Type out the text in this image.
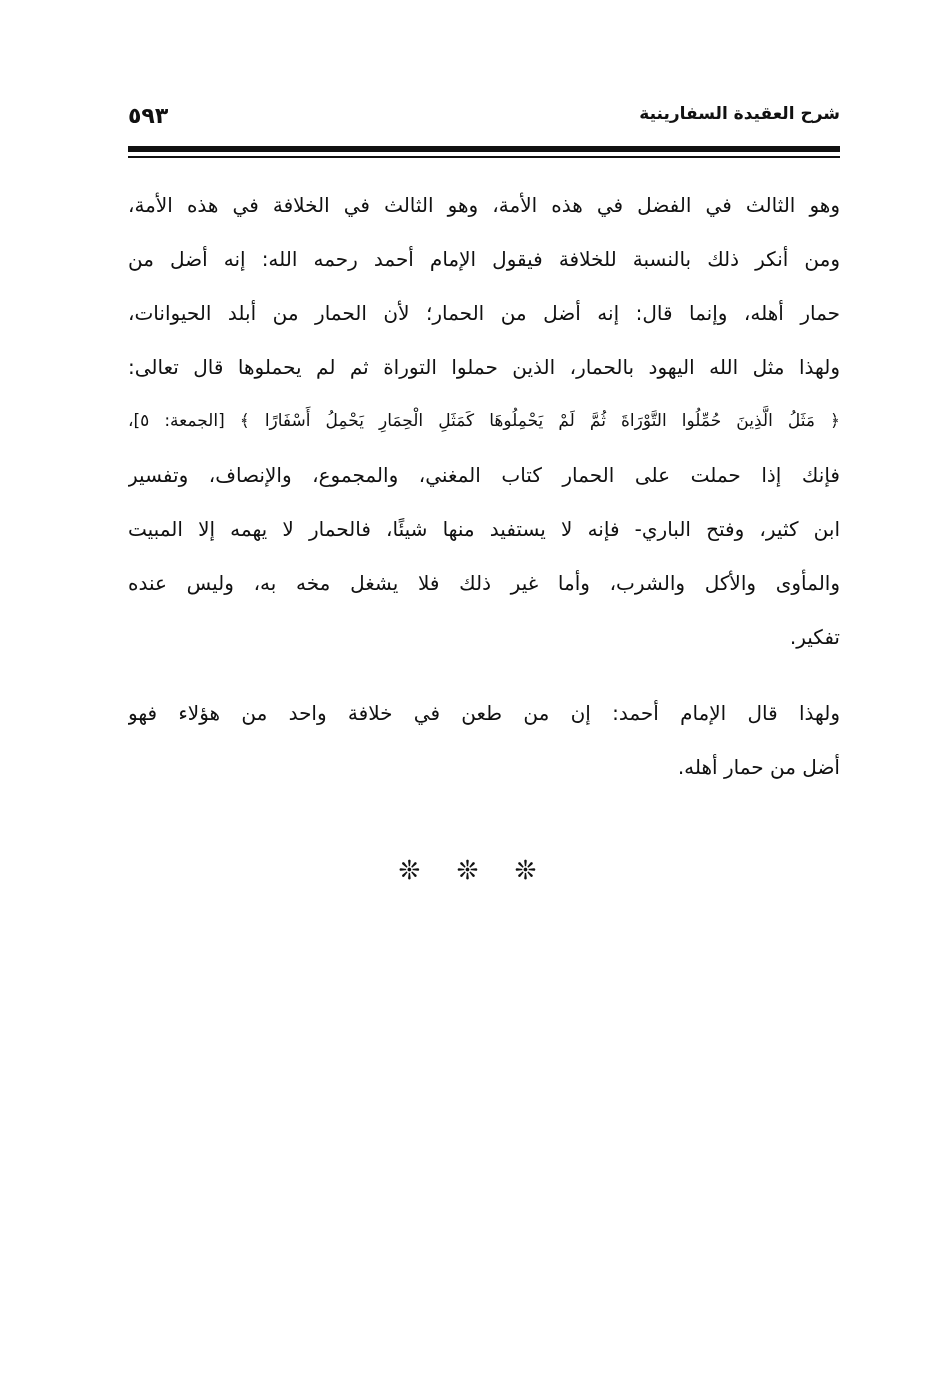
شرح العقيدة السفارينية
٥٩٣
وهو الثالث في الفضل في هذه الأمة، وهو الثالث في الخلافة في هذه الأمة،
ومن أنكر ذلك بالنسبة للخلافة فيقول الإمام أحمد رحمه الله: إنه أضل من
حمار أهله، وإنما قال: إنه أضل من الحمار؛ لأن الحمار من أبلد الحيوانات،
ولهذا مثل الله اليهود بالحمار، الذين حملوا التوراة ثم لم يحملوها قال تعالى:
﴿ مَثَلُ الَّذِينَ حُمِّلُوا التَّوْرَاةَ ثُمَّ لَمْ يَحْمِلُوهَا كَمَثَلِ الْحِمَارِ يَحْمِلُ أَسْفَارًا ﴾ [الجمعة: ٥]،
فإنك إذا حملت على الحمار كتاب المغني، والمجموع، والإنصاف، وتفسير
ابن كثير، وفتح الباري- فإنه لا يستفيد منها شيئًا، فالحمار لا يهمه إلا المبيت
والمأوى والأكل والشرب، وأما غير ذلك فلا يشغل مخه به، وليس عنده
تفكير.
ولهذا قال الإمام أحمد: إن من طعن في خلافة واحد من هؤلاء فهو
أضل من حمار أهله.
❊ ❊ ❊
